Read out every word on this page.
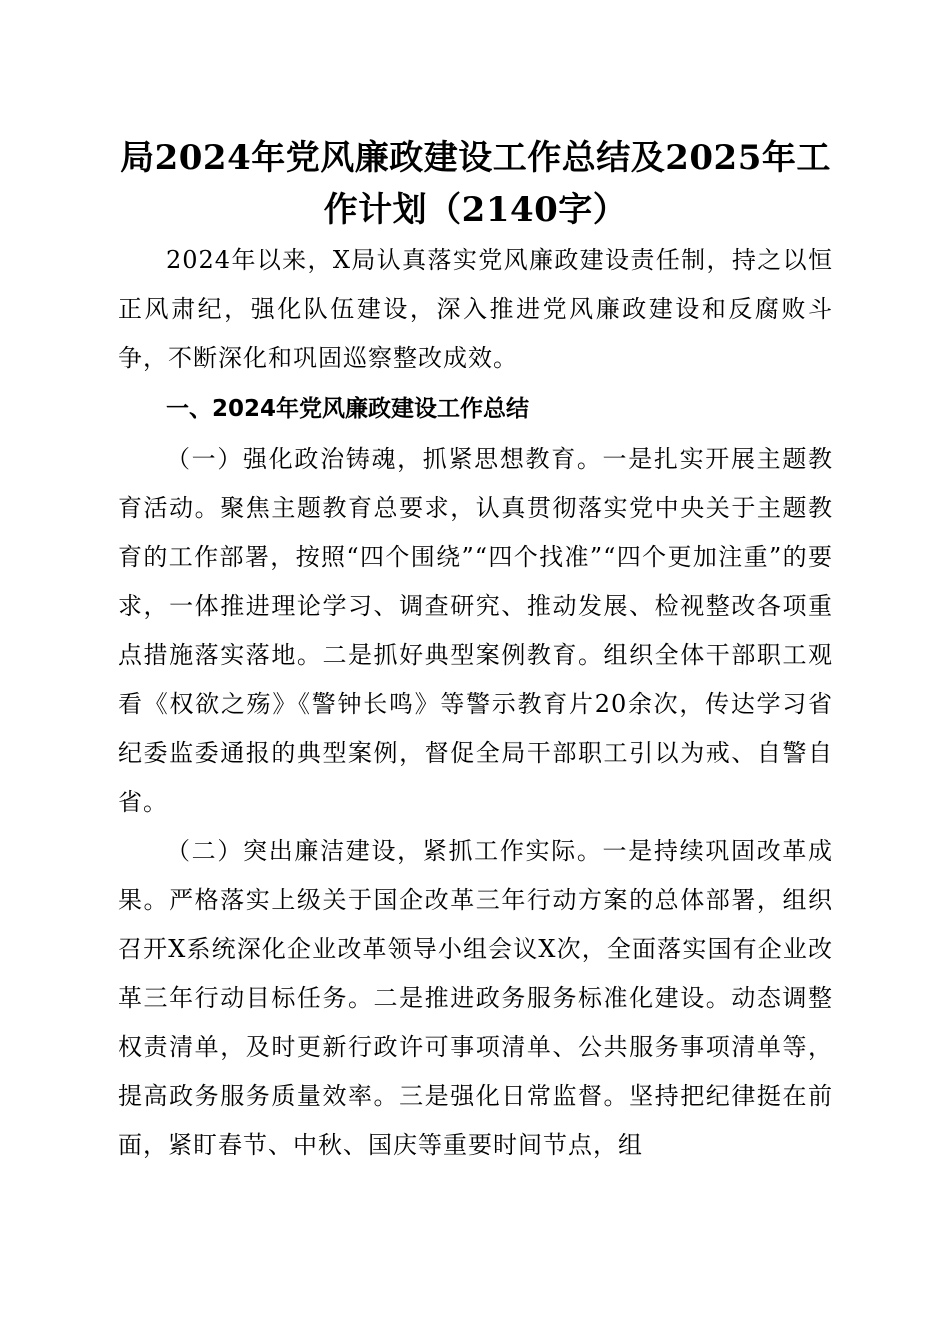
局2024年党风廉政建设工作总结及2025年工
作计划（2140字）

2024年以来，X局认真落实党风廉政建设责任制，持之以恒正风肃纪，强化队伍建设，深入推进党风廉政建设和反腐败斗争，不断深化和巩固巡察整改成效。

一、2024年党风廉政建设工作总结

（一）强化政治铸魂，抓紧思想教育。一是扎实开展主题教育活动。聚焦主题教育总要求，认真贯彻落实党中央关于主题教育的工作部署，按照“四个围绕”“四个找准”“四个更加注重”的要求，一体推进理论学习、调查研究、推动发展、检视整改各项重点措施落实落地。二是抓好典型案例教育。组织全体干部职工观看《权欲之殇》《警钟长鸣》等警示教育片20余次，传达学习省纪委监委通报的典型案例，督促全局干部职工引以为戒、自警自省。

（二）突出廉洁建设，紧抓工作实际。一是持续巩固改革成果。严格落实上级关于国企改革三年行动方案的总体部署，组织召开X系统深化企业改革领导小组会议X次，全面落实国有企业改革三年行动目标任务。二是推进政务服务标准化建设。动态调整权责清单，及时更新行政许可事项清单、公共服务事项清单等，提高政务服务质量效率。三是强化日常监督。坚持把纪律挺在前面，紧盯春节、中秋、国庆等重要时间节点，组
